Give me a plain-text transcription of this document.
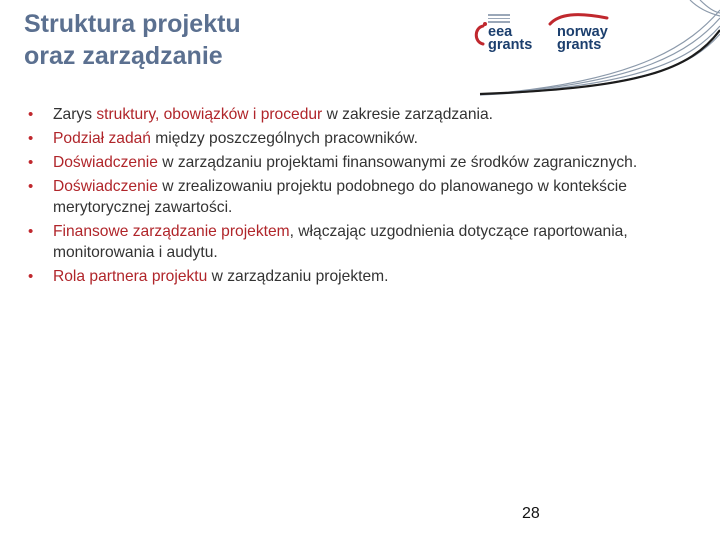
Struktura projektu
oraz zarządzanie
eea
grants
norway
grants
• Zarys struktury, obowiązków i procedur w zakresie zarządzania.
• Podział zadań między poszczególnych pracowników.
• Doświadczenie w zarządzaniu projektami finansowanymi ze środków zagranicznych.
• Doświadczenie w zrealizowaniu projektu podobnego do planowanego w kontekście merytorycznej zawartości.
• Finansowe zarządzanie projektem, włączając uzgodnienia dotyczące raportowania, monitorowania i audytu.
• Rola partnera projektu w zarządzaniu projektem.
28
